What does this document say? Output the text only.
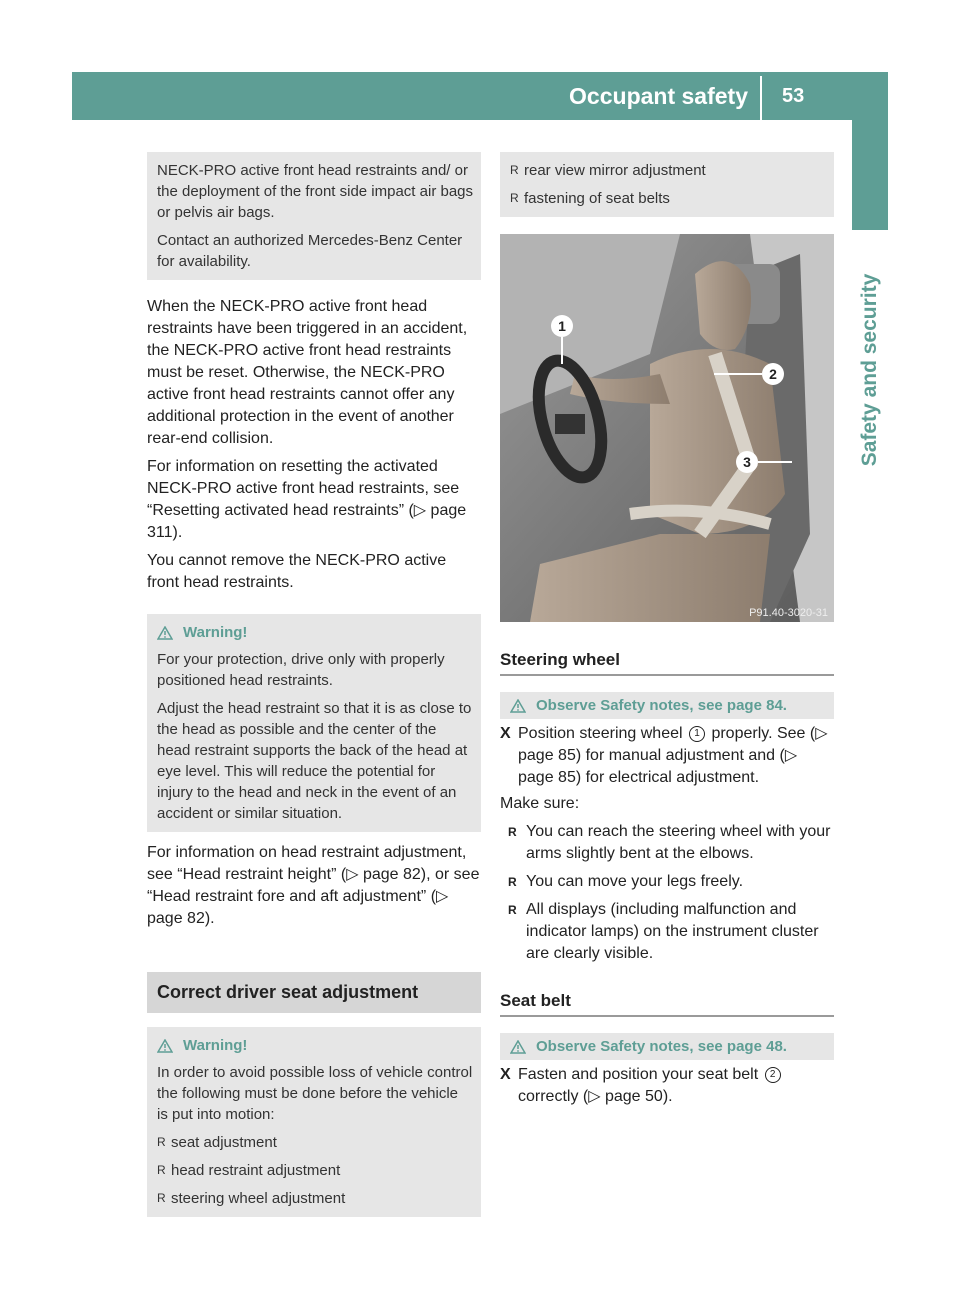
Occupant safety 53
Safety and security

NECK-PRO active front head restraints and/ or the deployment of the front side impact air bags or pelvis air bags.

Contact an authorized Mercedes-Benz Center for availability.

When the NECK-PRO active front head restraints have been triggered in an accident, the NECK-PRO active front head restraints must be reset. Otherwise, the NECK-PRO active front head restraints cannot offer any additional protection in the event of another rear-end collision.

For information on resetting the activated NECK-PRO active front head restraints, see “Resetting activated head restraints” (▷ page 311).

You cannot remove the NECK-PRO active front head restraints.

Warning!

For your protection, drive only with properly positioned head restraints.

Adjust the head restraint so that it is as close to the head as possible and the center of the head restraint supports the back of the head at eye level. This will reduce the potential for injury to the head and neck in the event of an accident or similar situation.

For information on head restraint adjustment, see “Head restraint height” (▷ page 82), or see “Head restraint fore and aft adjustment” (▷ page 82).

Correct driver seat adjustment
Warning!

In order to avoid possible loss of vehicle control the following must be done before the vehicle is put into motion:

R seat adjustment

R head restraint adjustment

R steering wheel adjustment

R rear view mirror adjustment

R fastening of seat belts

1
2
3
P91.40-3020-31
Steering wheel
Observe Safety notes, see page 84.
X Position steering wheel 1 properly. See (▷ page 85) for manual adjustment and (▷ page 85) for electrical adjustment.
Make sure:
R You can reach the steering wheel with your arms slightly bent at the elbows.
R You can move your legs freely.
R All displays (including malfunction and indicator lamps) on the instrument cluster are clearly visible.
Seat belt
Observe Safety notes, see page 48.
X Fasten and position your seat belt 2 correctly (▷ page 50).
